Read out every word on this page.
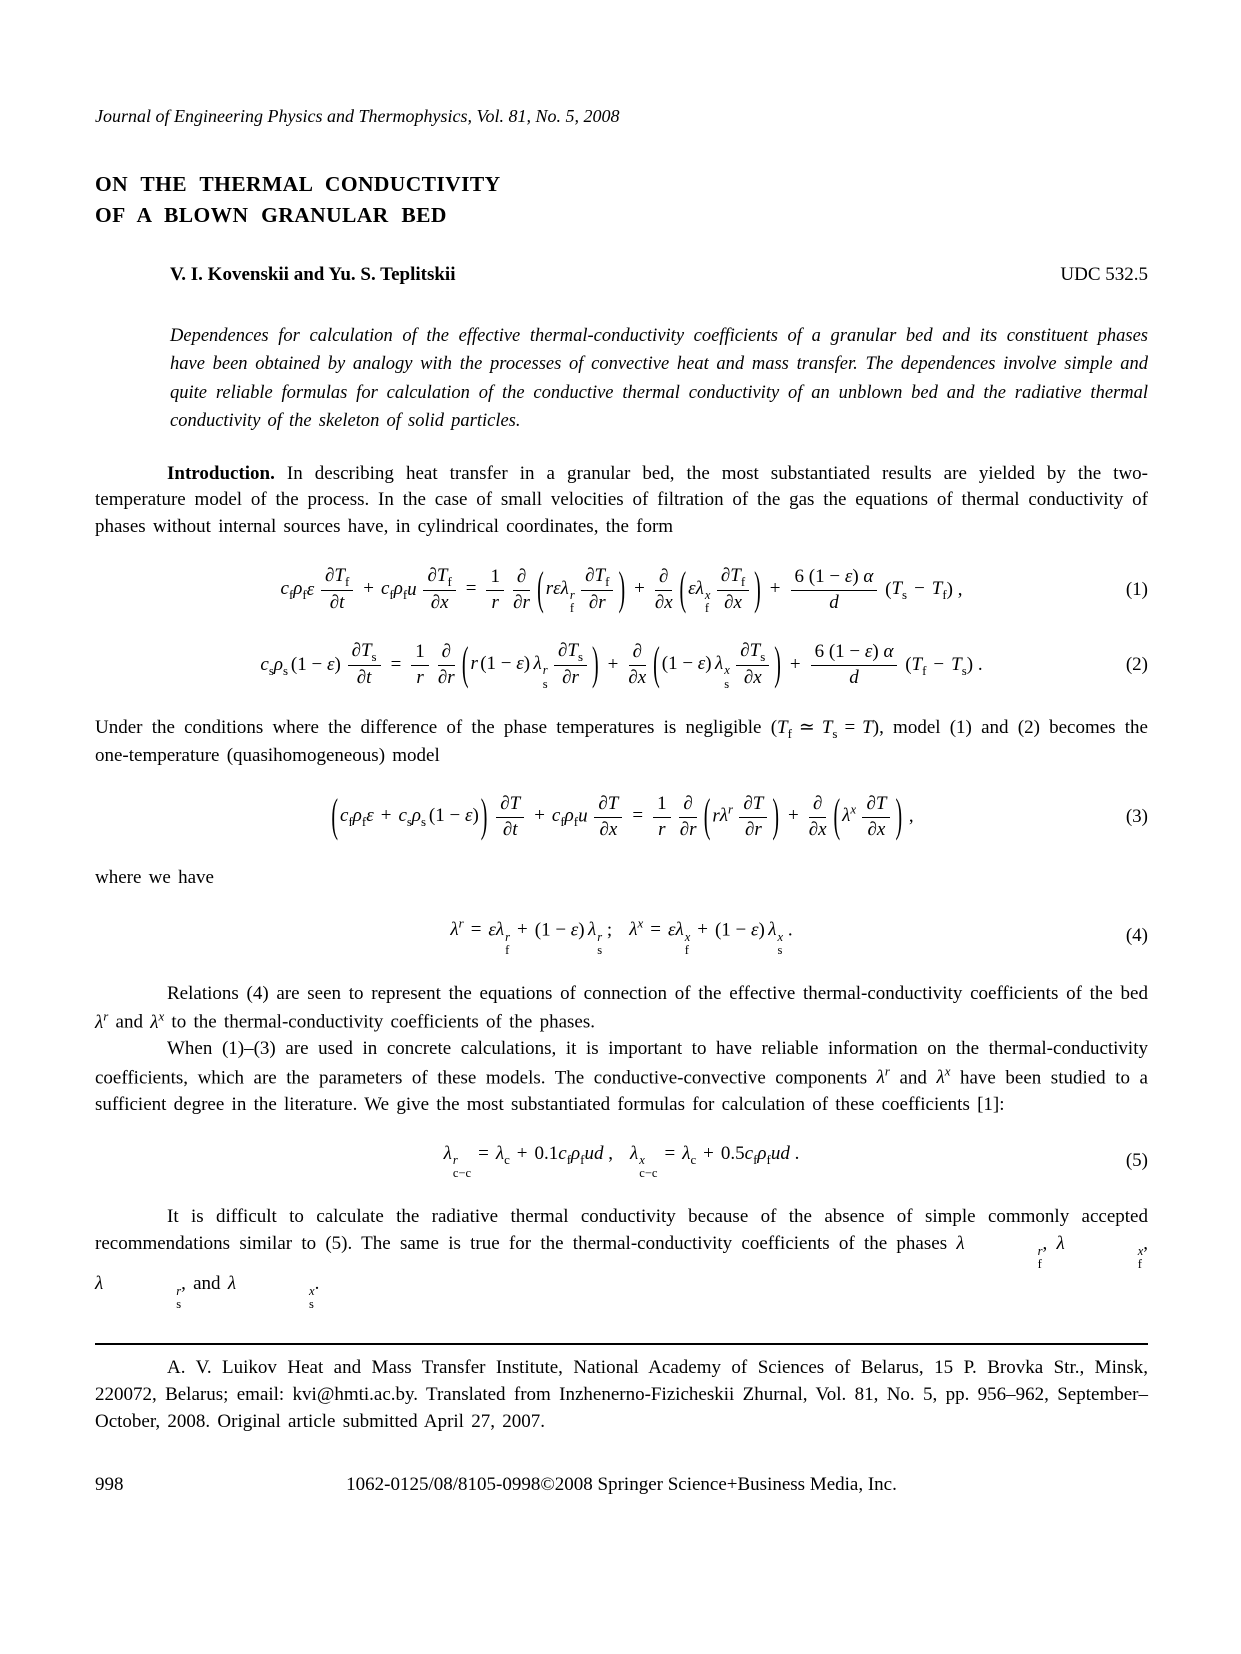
Journal of Engineering Physics and Thermophysics, Vol. 81, No. 5, 2008
ON THE THERMAL CONDUCTIVITY
OF A BLOWN GRANULAR BED
V. I. Kovenskii and Yu. S. Teplitskii	UDC 532.5
Dependences for calculation of the effective thermal-conductivity coefficients of a granular bed and its constituent phases have been obtained by analogy with the processes of convective heat and mass transfer. The dependences involve simple and quite reliable formulas for calculation of the conductive thermal conductivity of an unblown bed and the radiative thermal conductivity of the skeleton of solid particles.

Introduction. In describing heat transfer in a granular bed, the most substantiated results are yielded by the two-temperature model of the process. In the case of small velocities of filtration of the gas the equations of thermal conductivity of phases without internal sources have, in cylindrical coordinates, the form

$c_f\rho_f\varepsilon \frac{\partial T_f}{\partial t} + c_f\rho_fu \frac{\partial T_f}{\partial x} = \frac{1}{r}$ ∂
∂r ( rελ r
f $\frac{\partial T_f}{\partial r}$ ) +
∂
∂x ( ελ x
f $\frac{\partial T_f}{\partial x}$ ) + $\frac{6 (1 - \varepsilon) \alpha}{d} (T_s - T_f)$ ,	(1)
$c_s\rho_s$ $(1 - \varepsilon) \frac{\partial T_s}{\partial t} = \frac{1}{r}$ ∂
∂r ( r (1 − ε) λ r
s $\frac{\partial T_s}{\partial r}$ ) +
∂
∂x ( (1 − ε) λ x
s $\frac{\partial T_s}{\partial x}$ ) + $\frac{6 (1 - \varepsilon) \alpha}{d} (T_f - T_s)$ .	(2)

Under the conditions where the difference of the phase temperatures is negligible ($T_f$ ≃ $T_s = T$), model (1) and (2) becomes the one-temperature (quasihomogeneous) model

( $c_f\rho_f\varepsilon + c_s\rho_s$ (1 − ε) ) $\frac{\partial T}{\partial t} + c_f\rho_fu \frac{\partial T}{\partial x} = \frac{1}{r}$ ∂
∂r ( $r\lambda^r \frac{\partial T}{\partial r}$ ) +
∂
∂x ( $\lambda^x \frac{\partial T}{\partial x}$ ) ,	(3)

where we have

$\lambda^r = \varepsilon\lambda$ r
f
+ (1 − ε) λ r
s
; $\lambda^x = \varepsilon\lambda$ x
f
+ (1 − ε) λ x
s
.	(4)

Relations (4) are seen to represent the equations of connection of the effective thermal-conductivity coefficients of the bed $\lambda^r$ and $\lambda^x$ to the thermal-conductivity coefficients of the phases.

When (1)–(3) are used in concrete calculations, it is important to have reliable information on the thermal-conductivity coefficients, which are the parameters of these models. The conductive-convective components $\lambda^r$ and $\lambda^x$ have been studied to a sufficient degree in the literature. We give the most substantiated formulas for calculation of these coefficients [1]:

λ r
c−c
= $\lambda_c + 0.1c_f\rho_fud$ , λ x
c−c
= $\lambda_c + 0.5c_f\rho_fud$ .	(5)

It is difficult to calculate the radiative thermal conductivity because of the absence of simple commonly accepted recommendations similar to (5). The same is true for the thermal-conductivity coefficients of the phases λ	r
f
, λ	x
f
, λ	r
s
, and λ	x
s
.

A. V. Luikov Heat and Mass Transfer Institute, National Academy of Sciences of Belarus, 15 P. Brovka Str., Minsk, 220072, Belarus; email: kvi@hmti.ac.by. Translated from Inzhenerno-Fizicheskii Zhurnal, Vol. 81, No. 5, pp. 956–962, September–October, 2008. Original article submitted April 27, 2007.

998	1062-0125/08/8105-0998©2008 Springer Science+Business Media, Inc.
